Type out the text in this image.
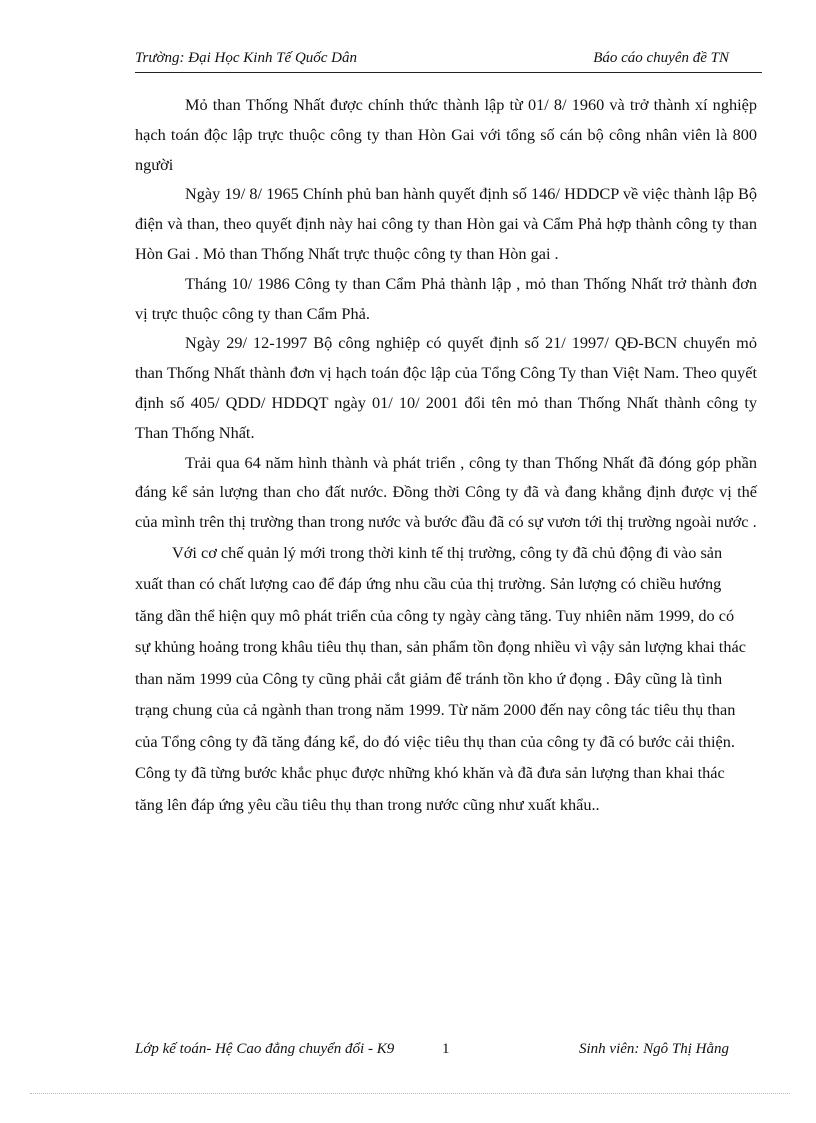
Trường: Đại Học Kinh Tế Quốc Dân	Báo cáo chuyên đề TN

Mỏ than Thống Nhất được chính thức thành lập từ 01/ 8/ 1960 và trở thành xí nghiệp hạch toán độc lập trực thuộc công ty than Hòn Gai với tổng số cán bộ công nhân viên là 800 người

Ngày 19/ 8/ 1965 Chính phủ ban hành quyết định số 146/ HDDCP về việc thành lập Bộ điện và than, theo quyết định này hai công ty than Hòn gai và Cẩm Phả hợp thành công ty than Hòn Gai . Mỏ than Thống Nhất trực thuộc công ty than Hòn gai .

Tháng 10/ 1986 Công ty than Cẩm Phả thành lập , mỏ than Thống Nhất trở thành đơn vị trực thuộc công ty than Cẩm Phả.

Ngày 29/ 12-1997 Bộ công nghiệp có quyết định số 21/ 1997/ QĐ-BCN chuyển mỏ than Thống Nhất thành đơn vị hạch toán độc lập của Tổng Công Ty than Việt Nam. Theo quyết định số 405/ QDD/ HDDQT ngày 01/ 10/ 2001 đổi tên mỏ than Thống Nhất thành công ty Than Thống Nhất.

Trải qua 64 năm hình thành và phát triển , công ty than Thống Nhất đã đóng góp phần đáng kể sản lượng than cho đất nước. Đồng thời Công ty đã và đang khẳng định được vị thế của mình trên thị trường than trong nước và bước đầu đã có sự vươn tới thị trường ngoài nước .

Với cơ chế quản lý mới trong thời kinh tế thị trường, công ty đã chủ động đi vào sản xuất than có chất lượng cao để đáp ứng nhu cầu của thị trường. Sản lượng có chiều hướng tăng dần thể hiện quy mô phát triển của công ty ngày càng tăng. Tuy nhiên năm 1999, do có sự khủng hoảng trong khâu tiêu thụ than, sản phẩm tồn đọng nhiều vì vậy sản lượng khai thác than năm 1999 của Công ty cũng phải cắt giảm để tránh tồn kho ứ đọng . Đây cũng là tình trạng chung của cả ngành than trong năm 1999. Từ năm 2000 đến nay công tác tiêu thụ than của Tổng công ty đã tăng đáng kể, do đó việc tiêu thụ than của công ty đã có bước cải thiện. Công ty đã từng bước khắc phục được những khó khăn và đã đưa sản lượng than khai thác tăng lên đáp ứng yêu cầu tiêu thụ than trong nước cũng như xuất khẩu..

Lớp kế toán- Hệ Cao đẳng chuyển đổi - K9	1	Sinh viên: Ngô Thị Hằng
